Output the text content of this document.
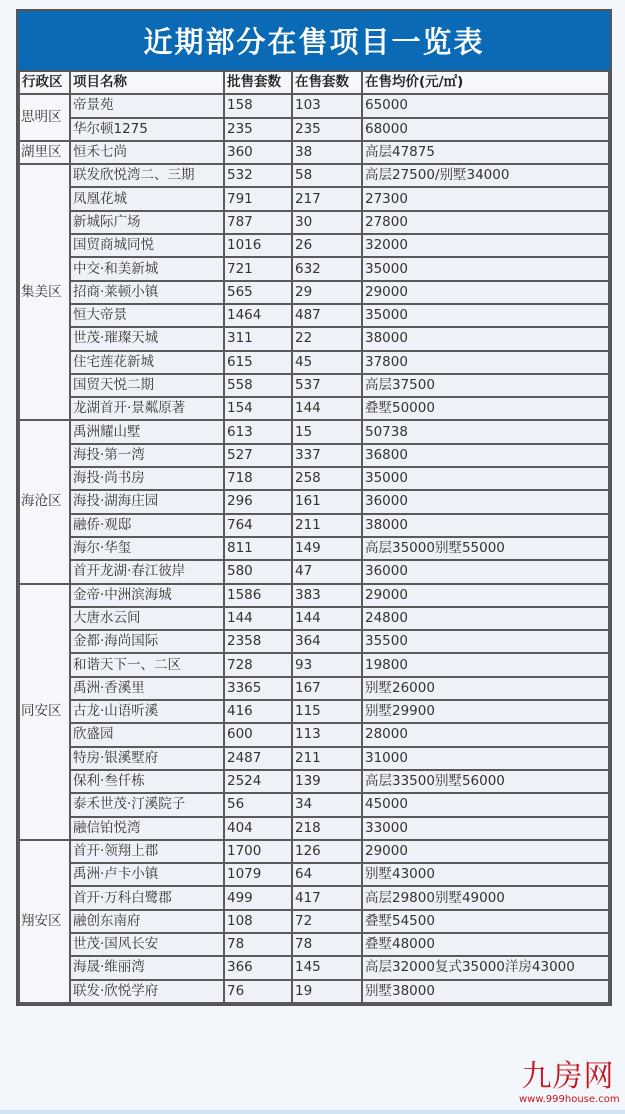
近期部分在售项目一览表
行政区	项目名称	批售套数	在售套数	在售均价(元/㎡)
思明区	帝景苑	158	103	65000
	华尔顿1275	235	235	68000
湖里区	恒禾七尚	360	38	高层47875
集美区	联发欣悦湾二、三期	532	58	高层27500/别墅34000
	凤凰花城	791	217	27300
	新城际广场	787	30	27800
	国贸商城同悦	1016	26	32000
	中交·和美新城	721	632	35000
	招商·莱顿小镇	565	29	29000
	恒大帝景	1464	487	35000
	世茂·璀璨天城	311	22	38000
	住宅莲花新城	615	45	37800
	国贸天悦二期	558	537	高层37500
	龙湖首开·景粼原著	154	144	叠墅50000
海沧区	禹洲耀山墅	613	15	50738
	海投·第一湾	527	337	36800
	海投·尚书房	718	258	35000
	海投·湖海庄园	296	161	36000
	融侨·观邸	764	211	38000
	海尔·华玺	811	149	高层35000别墅55000
	首开龙湖·春江彼岸	580	47	36000
同安区	金帝·中洲滨海城	1586	383	29000
	大唐水云间	144	144	24800
	金都·海尚国际	2358	364	35500
	和谐天下一、二区	728	93	19800
	禹洲·香溪里	3365	167	别墅26000
	古龙·山语听溪	416	115	别墅29900
	欣盛园	600	113	28000
	特房·银溪墅府	2487	211	31000
	保利·叁仟栋	2524	139	高层33500别墅56000
	泰禾世茂·汀溪院子	56	34	45000
	融信铂悦湾	404	218	33000
翔安区	首开·领翔上郡	1700	126	29000
	禹洲·卢卡小镇	1079	64	别墅43000
	首开·万科白鹭郡	499	417	高层29800别墅49000
	融创东南府	108	72	叠墅54500
	世茂·国风长安	78	78	叠墅48000
	海晟·维丽湾	366	145	高层32000复式35000洋房43000
	联发·欣悦学府	76	19	别墅38000
九房网
www.999house.com
